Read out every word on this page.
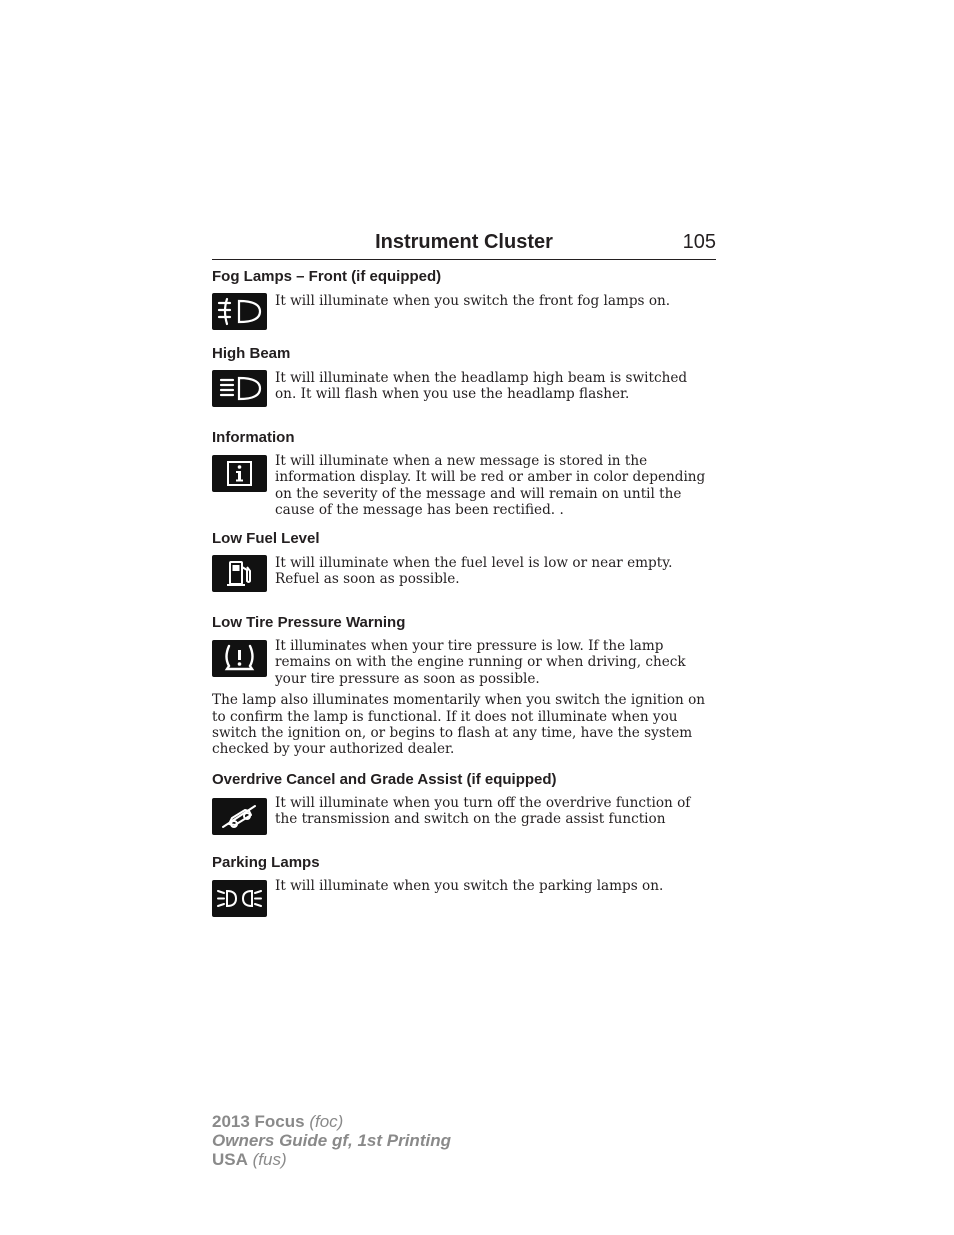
Instrument Cluster	105
Fog Lamps – Front (if equipped)

It will illuminate when you switch the front fog lamps on.

High Beam

It will illuminate when the headlamp high beam is switched on. It will flash when you use the headlamp flasher.

Information

It will illuminate when a new message is stored in the information display. It will be red or amber in color depending on the severity of the message and will remain on until the cause of the message has been rectified. .

Low Fuel Level

It will illuminate when the fuel level is low or near empty. Refuel as soon as possible.

Low Tire Pressure Warning

It illuminates when your tire pressure is low. If the lamp remains on with the engine running or when driving, check your tire pressure as soon as possible.

The lamp also illuminates momentarily when you switch the ignition on to confirm the lamp is functional. If it does not illuminate when you switch the ignition on, or begins to flash at any time, have the system checked by your authorized dealer.

Overdrive Cancel and Grade Assist (if equipped)

It will illuminate when you turn off the overdrive function of the transmission and switch on the grade assist function

Parking Lamps

It will illuminate when you switch the parking lamps on.

2013 Focus (foc)
Owners Guide gf, 1st Printing
USA (fus)
